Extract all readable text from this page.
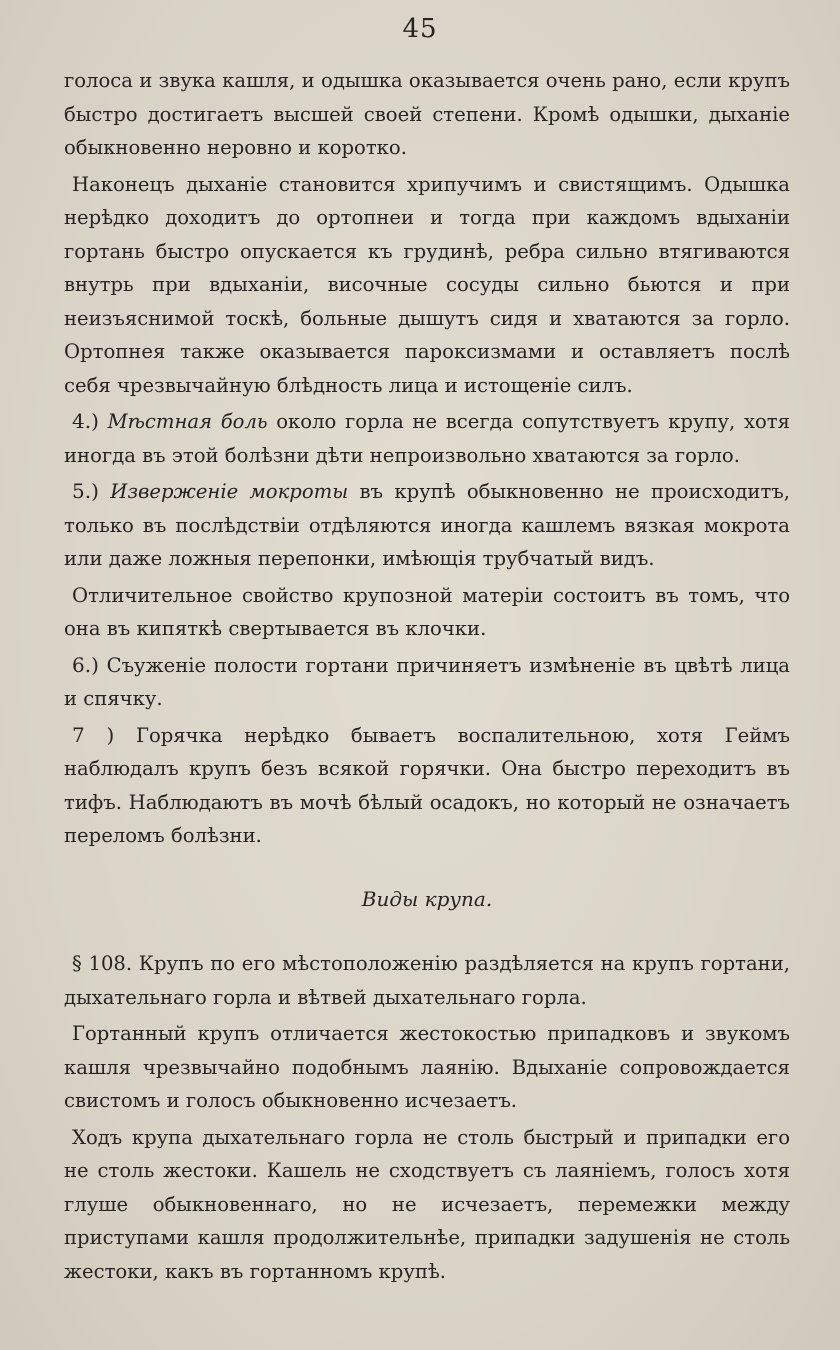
45

голоса и звука кашля, и одышка оказывается очень рано, если крупъ быстро достигаетъ высшей своей степени. Кромѣ одышки, дыханіе обыкновенно неровно и коротко.

Наконецъ дыханіе становится хрипучимъ и свистящимъ. Одышка нерѣдко доходитъ до ортопнеи и тогда при каждомъ вдыханіи гортань быстро опускается къ грудинѣ, ребра сильно втягиваются внутрь при вдыханіи, височные сосуды сильно бьются и при неизъяснимой тоскѣ, больные дышутъ сидя и хватаются за горло. Ортопнея также оказывается пароксизмами и оставляетъ послѣ себя чрезвычайную блѣдность лица и истощеніе силъ.

4.) Мѣстная боль около горла не всегда сопутствуетъ крупу, хотя иногда въ этой болѣзни дѣти непроизвольно хватаются за горло.

5.) Изверженіе мокроты въ крупѣ обыкновенно не происходитъ, только въ послѣдствіи отдѣляются иногда кашлемъ вязкая мокрота или даже ложныя перепонки, имѣющія трубчатый видъ.

Отличительное свойство крупозной матеріи состоитъ въ томъ, что она въ кипяткѣ свертывается въ клочки.

6.) Съуженіе полости гортани причиняетъ измѣненіе въ цвѣтѣ лица и спячку.

7 ) Горячка нерѣдко бываетъ воспалительною, хотя Геймъ наблюдалъ крупъ безъ всякой горячки. Она быстро переходитъ въ тифъ. Наблюдаютъ въ мочѣ бѣлый осадокъ, но который не означаетъ переломъ болѣзни.

Виды крупа.

§ 108. Крупъ по его мѣстоположенію раздѣляется на крупъ гортани, дыхательнаго горла и вѣтвей дыхательнаго горла.

Гортанный крупъ отличается жестокостью припадковъ и звукомъ кашля чрезвычайно подобнымъ лаянію. Вдыханіе сопровождается свистомъ и голосъ обыкновенно исчезаетъ.

Ходъ крупа дыхательнаго горла не столь быстрый и припадки его не столь жестоки. Кашель не сходствуетъ съ лаяніемъ, голосъ хотя глуше обыкновеннаго, но не исчезаетъ, перемежки между приступами кашля продолжительнѣе, припадки задушенія не столь жестоки, какъ въ гортанномъ крупѣ.
